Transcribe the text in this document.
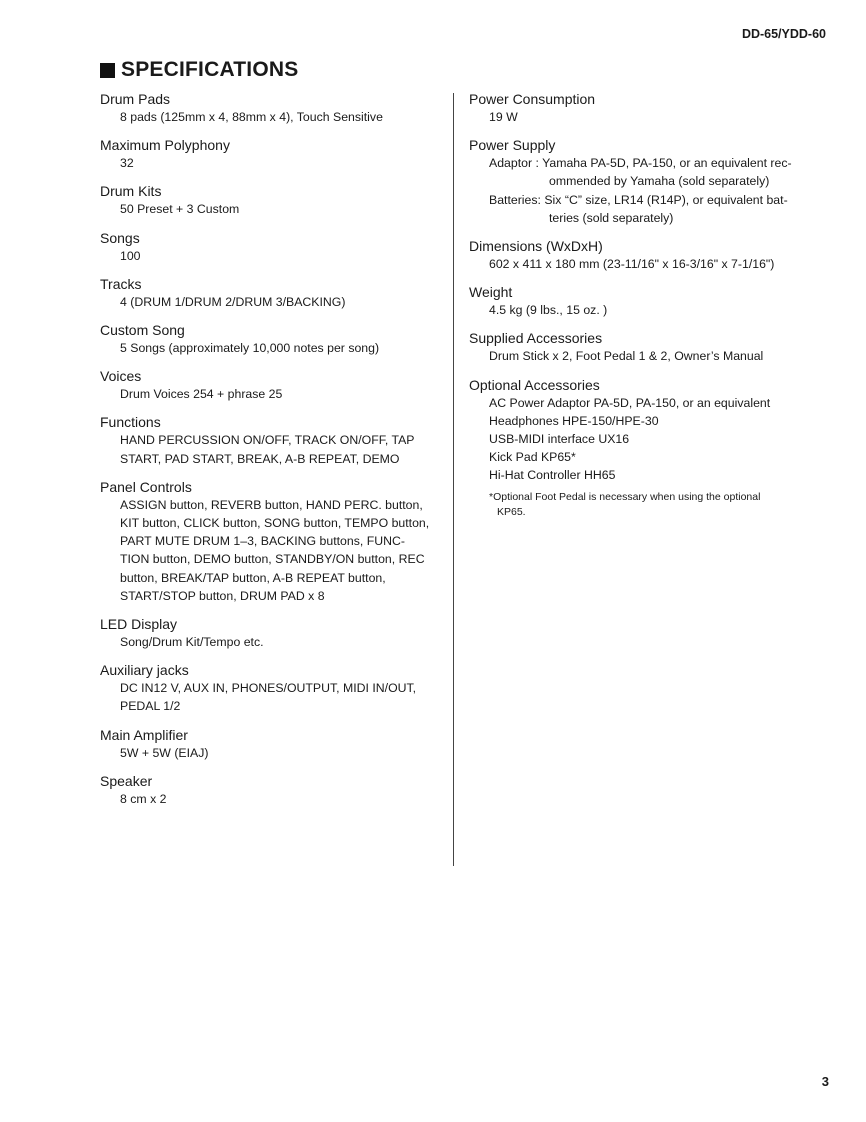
DD-65/YDD-60
SPECIFICATIONS
Drum Pads
8 pads (125mm x 4, 88mm x 4), Touch Sensitive
Maximum Polyphony
32
Drum Kits
50 Preset + 3 Custom
Songs
100
Tracks
4 (DRUM 1/DRUM 2/DRUM 3/BACKING)
Custom Song
5 Songs (approximately 10,000 notes per song)
Voices
Drum Voices 254 + phrase 25
Functions
HAND PERCUSSION ON/OFF, TRACK ON/OFF, TAP
START, PAD START, BREAK, A-B REPEAT, DEMO
Panel Controls
ASSIGN button, REVERB button, HAND PERC. button,
KIT button, CLICK button, SONG button, TEMPO button,
PART MUTE DRUM 1–3, BACKING buttons, FUNC-
TION button, DEMO button, STANDBY/ON button, REC
button, BREAK/TAP button, A-B REPEAT button,
START/STOP button, DRUM PAD x 8
LED Display
Song/Drum Kit/Tempo etc.
Auxiliary jacks
DC IN12 V, AUX IN, PHONES/OUTPUT, MIDI IN/OUT,
PEDAL 1/2
Main Amplifier
5W + 5W (EIAJ)
Speaker
8 cm x 2
Power Consumption
19 W
Power Supply
Adaptor : Yamaha PA-5D, PA-150, or an equivalent rec-
ommended by Yamaha (sold separately)
Batteries: Six “C” size, LR14 (R14P), or equivalent bat-
teries (sold separately)
Dimensions (WxDxH)
602 x 411 x 180 mm (23-11/16" x 16-3/16" x 7-1/16")
Weight
4.5 kg (9 lbs., 15 oz. )
Supplied Accessories
Drum Stick x 2, Foot Pedal 1 & 2, Owner’s Manual
Optional Accessories
AC Power Adaptor PA-5D, PA-150, or an equivalent
Headphones HPE-150/HPE-30
USB-MIDI interface UX16
Kick Pad KP65*
Hi-Hat Controller HH65
*Optional Foot Pedal is necessary when using the optional
KP65.
3
